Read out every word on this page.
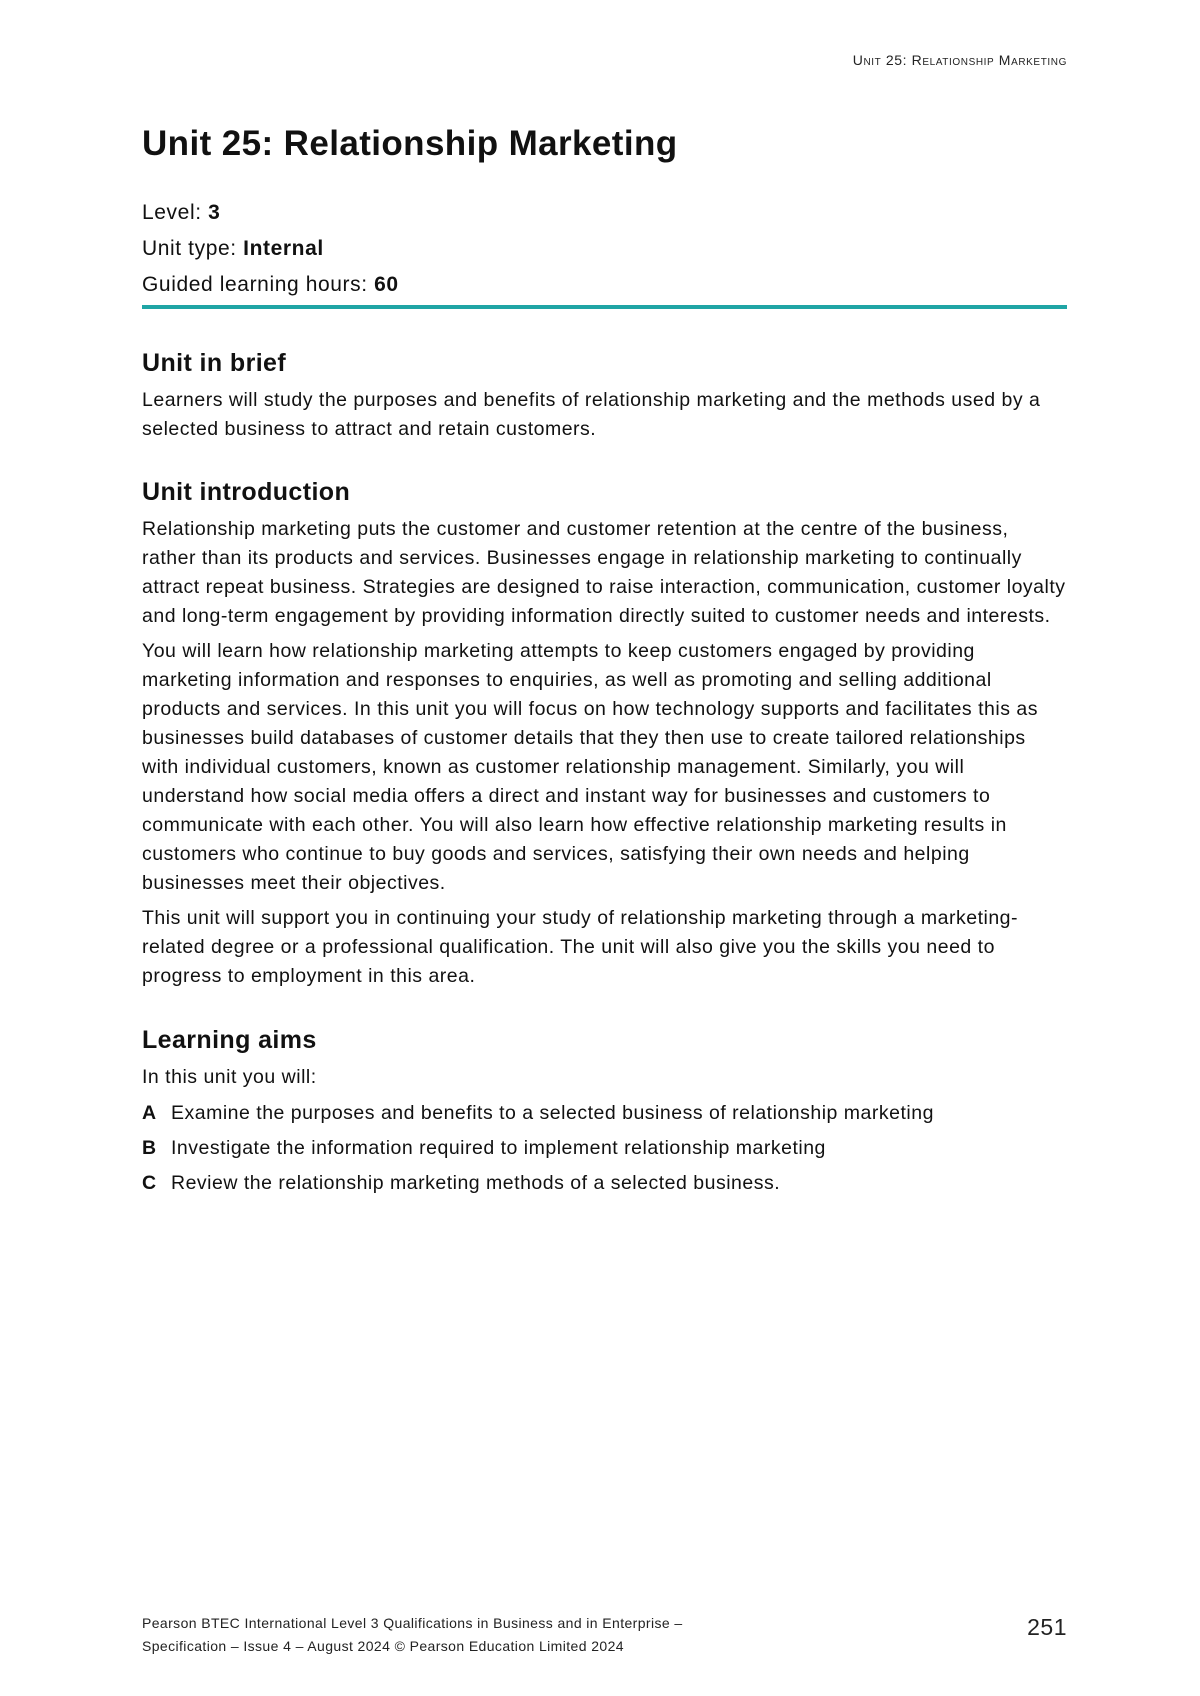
Unit 25: Relationship Marketing
Unit 25: Relationship Marketing
Level: 3
Unit type: Internal
Guided learning hours: 60
Unit in brief

Learners will study the purposes and benefits of relationship marketing and the methods used by a selected business to attract and retain customers.

Unit introduction

Relationship marketing puts the customer and customer retention at the centre of the business, rather than its products and services. Businesses engage in relationship marketing to continually attract repeat business. Strategies are designed to raise interaction, communication, customer loyalty and long-term engagement by providing information directly suited to customer needs and interests.

You will learn how relationship marketing attempts to keep customers engaged by providing marketing information and responses to enquiries, as well as promoting and selling additional products and services. In this unit you will focus on how technology supports and facilitates this as businesses build databases of customer details that they then use to create tailored relationships with individual customers, known as customer relationship management. Similarly, you will understand how social media offers a direct and instant way for businesses and customers to communicate with each other. You will also learn how effective relationship marketing results in customers who continue to buy goods and services, satisfying their own needs and helping businesses meet their objectives.

This unit will support you in continuing your study of relationship marketing through a marketing-related degree or a professional qualification. The unit will also give you the skills you need to progress to employment in this area.

Learning aims

In this unit you will:

A Examine the purposes and benefits to a selected business of relationship marketing
B Investigate the information required to implement relationship marketing
C Review the relationship marketing methods of a selected business.
Pearson BTEC International Level 3 Qualifications in Business and in Enterprise –
Specification – Issue 4 – August 2024 © Pearson Education Limited 2024
251
